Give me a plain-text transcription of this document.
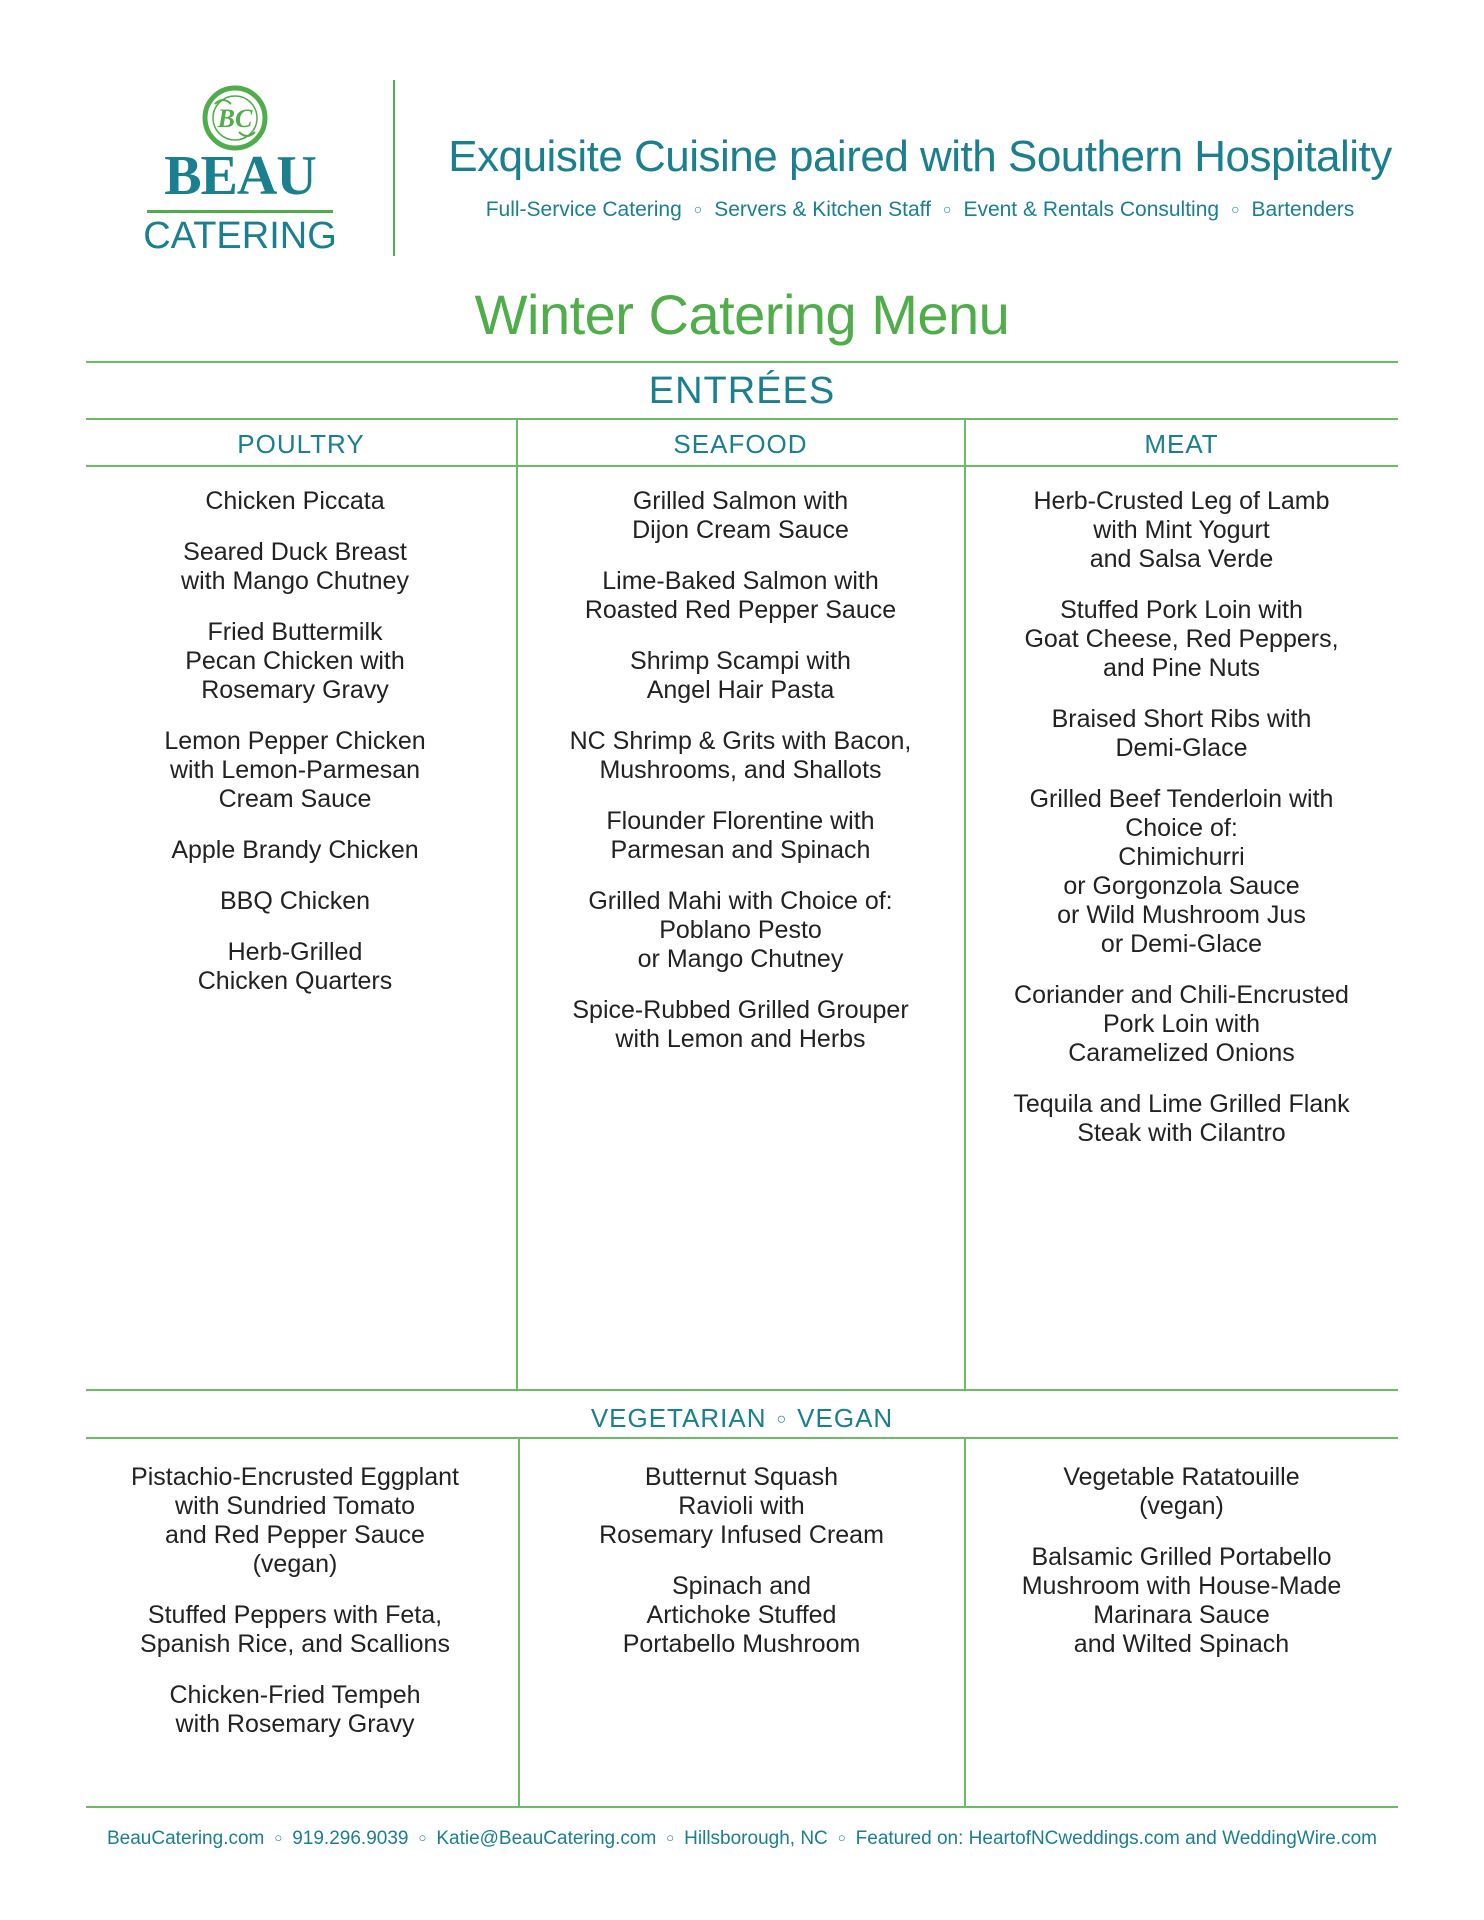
BC
BEAU
CATERING
Exquisite Cuisine paired with Southern Hospitality
Full-Service Catering ○ Servers & Kitchen Staff ○ Event & Rentals Consulting ○ Bartenders
Winter Catering Menu
ENTRÉES
POULTRY	SEAFOOD	MEAT
Chicken Piccata
Seared Duck Breast
with Mango Chutney
Fried Buttermilk
Pecan Chicken with
Rosemary Gravy
Lemon Pepper Chicken
with Lemon-Parmesan
Cream Sauce
Apple Brandy Chicken
BBQ Chicken
Herb-Grilled
Chicken Quarters
Grilled Salmon with
Dijon Cream Sauce
Lime-Baked Salmon with
Roasted Red Pepper Sauce
Shrimp Scampi with
Angel Hair Pasta
NC Shrimp & Grits with Bacon,
Mushrooms, and Shallots
Flounder Florentine with
Parmesan and Spinach
Grilled Mahi with Choice of:
Poblano Pesto
or Mango Chutney
Spice-Rubbed Grilled Grouper
with Lemon and Herbs
Herb-Crusted Leg of Lamb
with Mint Yogurt
and Salsa Verde
Stuffed Pork Loin with
Goat Cheese, Red Peppers,
and Pine Nuts
Braised Short Ribs with
Demi-Glace
Grilled Beef Tenderloin with
Choice of:
Chimichurri
or Gorgonzola Sauce
or Wild Mushroom Jus
or Demi-Glace
Coriander and Chili-Encrusted
Pork Loin with
Caramelized Onions
Tequila and Lime Grilled Flank
Steak with Cilantro
VEGETARIAN ○ VEGAN
Pistachio-Encrusted Eggplant
with Sundried Tomato
and Red Pepper Sauce
(vegan)
Stuffed Peppers with Feta,
Spanish Rice, and Scallions
Chicken-Fried Tempeh
with Rosemary Gravy
Butternut Squash
Ravioli with
Rosemary Infused Cream
Spinach and
Artichoke Stuffed
Portabello Mushroom
Vegetable Ratatouille
(vegan)
Balsamic Grilled Portabello
Mushroom with House-Made
Marinara Sauce
and Wilted Spinach
BeauCatering.com ○ 919.296.9039 ○ Katie@BeauCatering.com ○ Hillsborough, NC ○ Featured on: HeartofNCweddings.com and WeddingWire.com
